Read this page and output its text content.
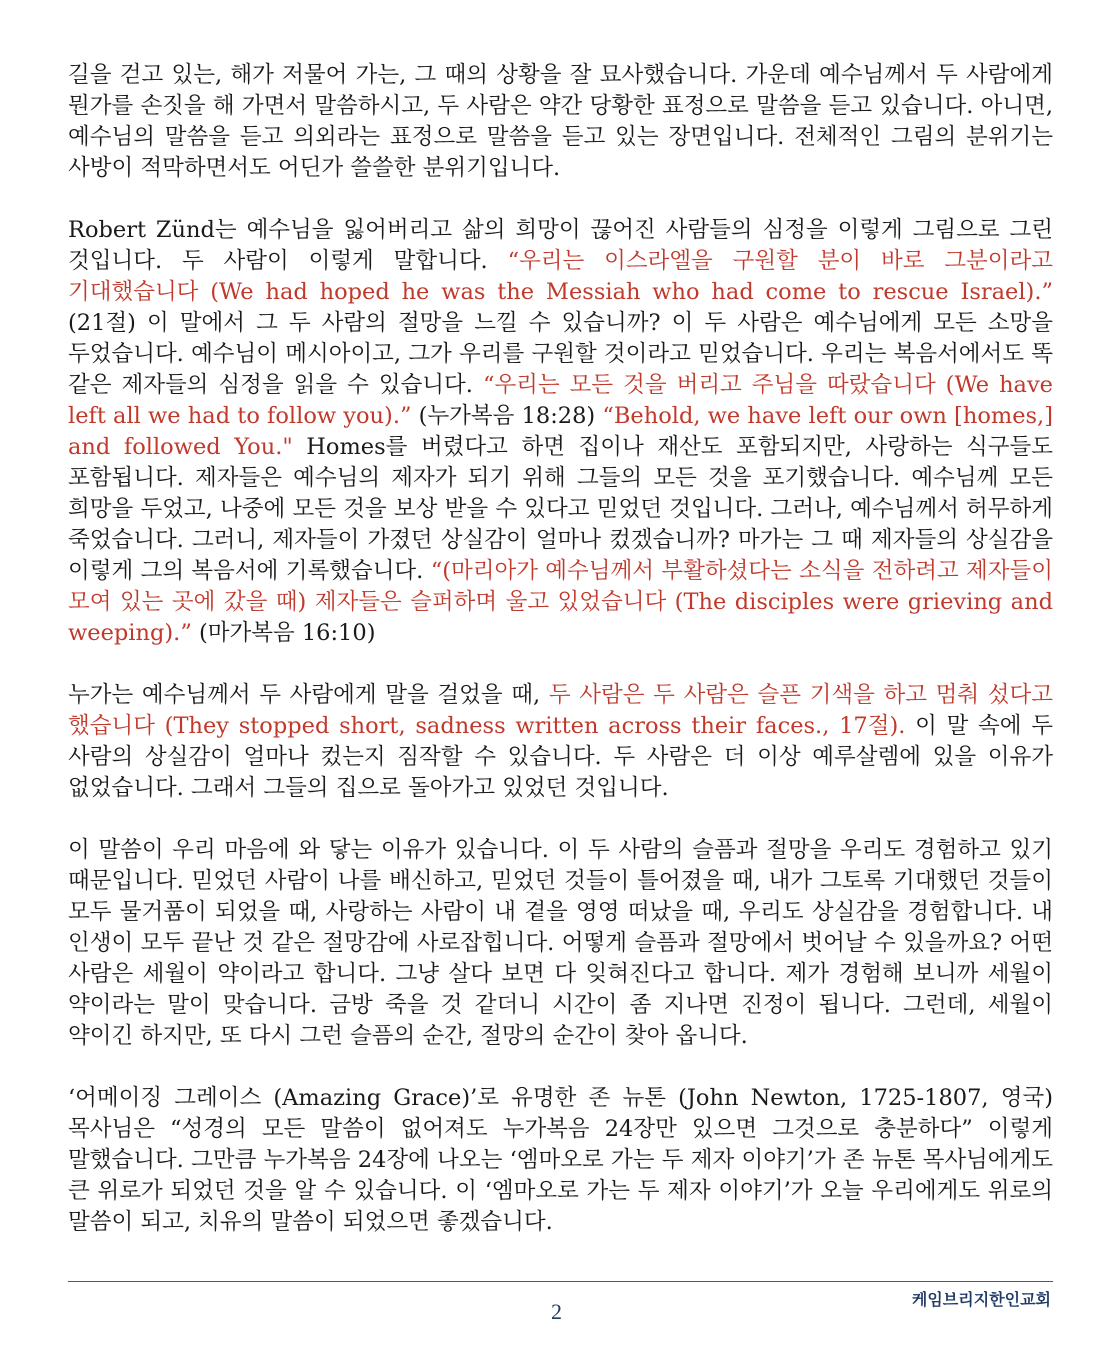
길을 걷고 있는, 해가 저물어 가는, 그 때의 상황을 잘 묘사했습니다. 가운데 예수님께서 두 사람에게 뭔가를 손짓을 해 가면서 말씀하시고, 두 사람은 약간 당황한 표정으로 말씀을 듣고 있습니다. 아니면, 예수님의 말씀을 듣고 의외라는 표정으로 말씀을 듣고 있는 장면입니다. 전체적인 그림의 분위기는 사방이 적막하면서도 어딘가 쓸쓸한 분위기입니다.

Robert Zünd는 예수님을 잃어버리고 삶의 희망이 끊어진 사람들의 심정을 이렇게 그림으로 그린 것입니다. 두 사람이 이렇게 말합니다. “우리는 이스라엘을 구원할 분이 바로 그분이라고 기대했습니다 (We had hoped he was the Messiah who had come to rescue Israel).” (21절) 이 말에서 그 두 사람의 절망을 느낄 수 있습니까? 이 두 사람은 예수님에게 모든 소망을 두었습니다. 예수님이 메시아이고, 그가 우리를 구원할 것이라고 믿었습니다. 우리는 복음서에서도 똑 같은 제자들의 심정을 읽을 수 있습니다. “우리는 모든 것을 버리고 주님을 따랐습니다 (We have left all we had to follow you).” (누가복음 18:28) “Behold, we have left our own [homes,] and followed You." Homes를 버렸다고 하면 집이나 재산도 포함되지만, 사랑하는 식구들도 포함됩니다. 제자들은 예수님의 제자가 되기 위해 그들의 모든 것을 포기했습니다. 예수님께 모든 희망을 두었고, 나중에 모든 것을 보상 받을 수 있다고 믿었던 것입니다. 그러나, 예수님께서 허무하게 죽었습니다. 그러니, 제자들이 가졌던 상실감이 얼마나 컸겠습니까? 마가는 그 때 제자들의 상실감을 이렇게 그의 복음서에 기록했습니다. “(마리아가 예수님께서 부활하셨다는 소식을 전하려고 제자들이 모여 있는 곳에 갔을 때) 제자들은 슬퍼하며 울고 있었습니다 (The disciples were grieving and weeping).” (마가복음 16:10)

누가는 예수님께서 두 사람에게 말을 걸었을 때, 두 사람은 두 사람은 슬픈 기색을 하고 멈춰 섰다고 했습니다 (They stopped short, sadness written across their faces., 17절). 이 말 속에 두 사람의 상실감이 얼마나 컸는지 짐작할 수 있습니다. 두 사람은 더 이상 예루살렘에 있을 이유가 없었습니다. 그래서 그들의 집으로 돌아가고 있었던 것입니다.

이 말씀이 우리 마음에 와 닿는 이유가 있습니다. 이 두 사람의 슬픔과 절망을 우리도 경험하고 있기 때문입니다. 믿었던 사람이 나를 배신하고, 믿었던 것들이 틀어졌을 때, 내가 그토록 기대했던 것들이 모두 물거품이 되었을 때, 사랑하는 사람이 내 곁을 영영 떠났을 때, 우리도 상실감을 경험합니다. 내 인생이 모두 끝난 것 같은 절망감에 사로잡힙니다. 어떻게 슬픔과 절망에서 벗어날 수 있을까요? 어떤 사람은 세월이 약이라고 합니다. 그냥 살다 보면 다 잊혀진다고 합니다. 제가 경험해 보니까 세월이 약이라는 말이 맞습니다. 금방 죽을 것 같더니 시간이 좀 지나면 진정이 됩니다. 그런데, 세월이 약이긴 하지만, 또 다시 그런 슬픔의 순간, 절망의 순간이 찾아 옵니다.

‘어메이징 그레이스 (Amazing Grace)’로 유명한 존 뉴톤 (John Newton, 1725-1807, 영국) 목사님은 “성경의 모든 말씀이 없어져도 누가복음 24장만 있으면 그것으로 충분하다” 이렇게 말했습니다. 그만큼 누가복음 24장에 나오는 ‘엠마오로 가는 두 제자 이야기’가 존 뉴톤 목사님에게도 큰 위로가 되었던 것을 알 수 있습니다. 이 ‘엠마오로 가는 두 제자 이야기’가 오늘 우리에게도 위로의 말씀이 되고, 치유의 말씀이 되었으면 좋겠습니다.

케임브리지한인교회
2
